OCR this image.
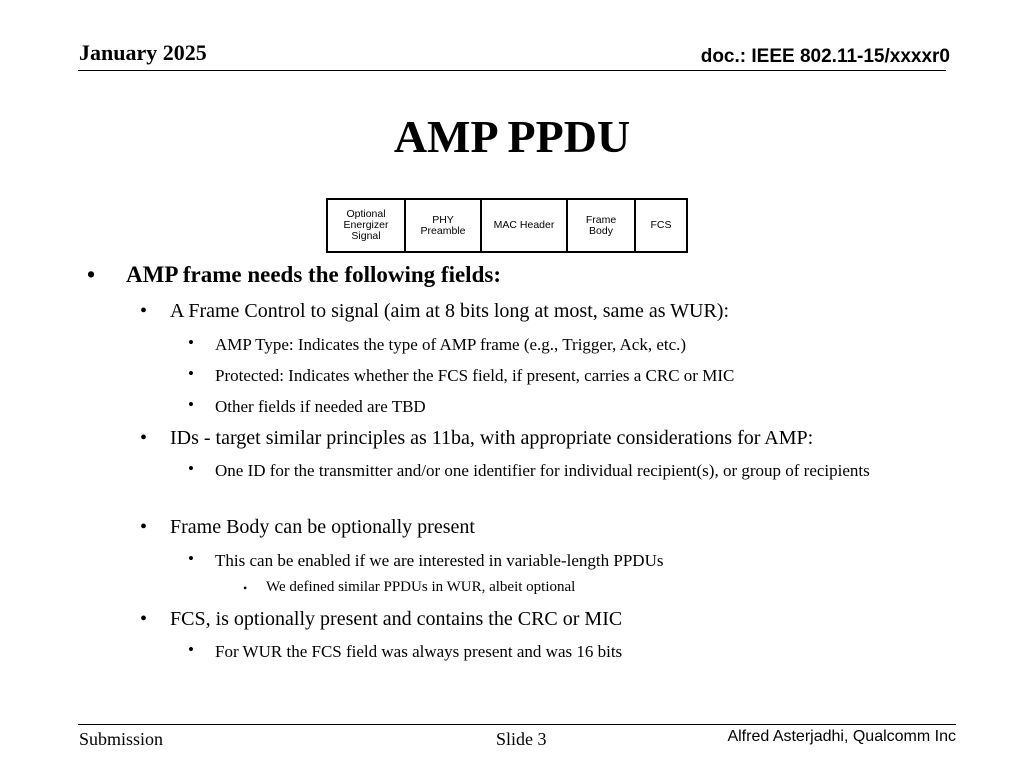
January 2025	doc.: IEEE 802.11-15/xxxxr0
AMP PPDU
Optional
Energizer
Signal
PHY
Preamble	MAC Header	Frame
Body	FCS
• AMP frame needs the following fields:
• A Frame Control to signal (aim at 8 bits long at most, same as WUR):
• AMP Type: Indicates the type of AMP frame (e.g., Trigger, Ack, etc.)
• Protected: Indicates whether the FCS field, if present, carries a CRC or MIC
• Other fields if needed are TBD
• IDs - target similar principles as 11ba, with appropriate considerations for AMP:
• One ID for the transmitter and/or one identifier for individual recipient(s), or group of recipients
• Frame Body can be optionally present
• This can be enabled if we are interested in variable-length PPDUs
• We defined similar PPDUs in WUR, albeit optional
• FCS, is optionally present and contains the CRC or MIC
• For WUR the FCS field was always present and was 16 bits
Submission	Slide 3	Alfred Asterjadhi, Qualcomm Inc
